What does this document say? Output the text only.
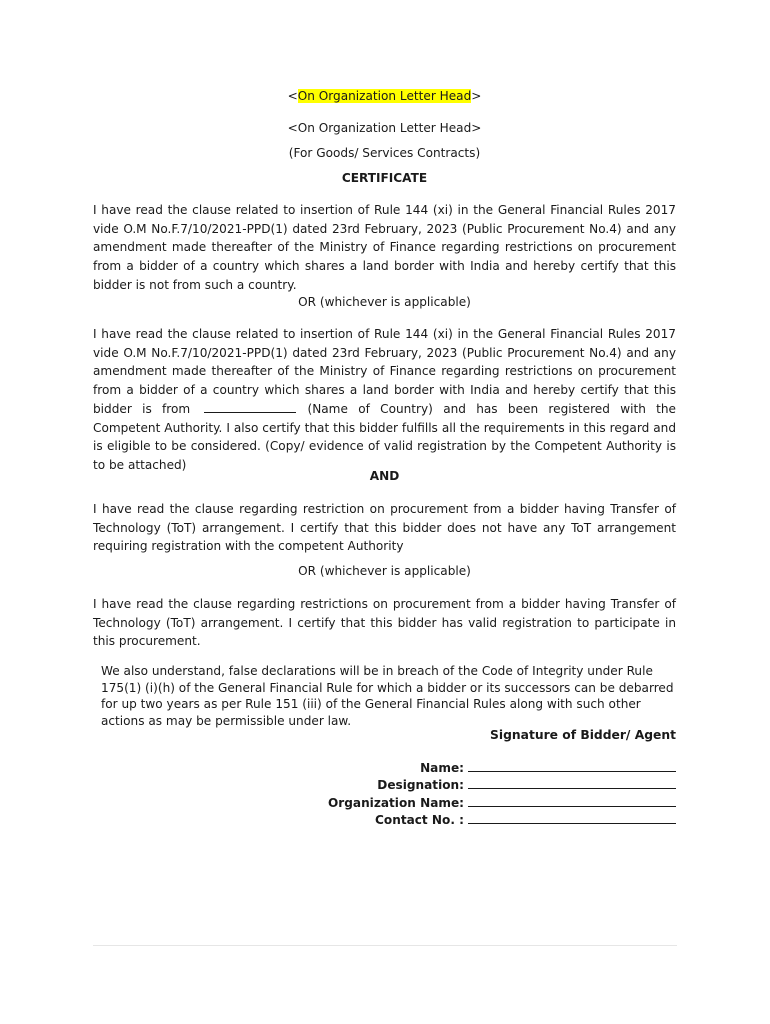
<On Organization Letter Head>
<On Organization Letter Head>
(For Goods/ Services Contracts)
CERTIFICATE
I have read the clause related to insertion of Rule 144 (xi) in the General Financial Rules 2017 vide O.M No.F.7/10/2021-PPD(1) dated 23rd February, 2023 (Public Procurement No.4) and any amendment made thereafter of the Ministry of Finance regarding restrictions on procurement from a bidder of a country which shares a land border with India and hereby certify that this bidder is not from such a country.
OR (whichever is applicable)
I have read the clause related to insertion of Rule 144 (xi) in the General Financial Rules 2017 vide O.M No.F.7/10/2021-PPD(1) dated 23rd February, 2023 (Public Procurement No.4) and any amendment made thereafter of the Ministry of Finance regarding restrictions on procurement from a bidder of a country which shares a land border with India and hereby certify that this bidder is from	(Name of Country) and has been registered with the Competent Authority. I also certify that this bidder fulfills all the requirements in this regard and is eligible to be considered. (Copy/ evidence of valid registration by the Competent Authority is to be attached)
AND
I have read the clause regarding restriction on procurement from a bidder having Transfer of Technology (ToT) arrangement. I certify that this bidder does not have any ToT arrangement requiring registration with the competent Authority
OR (whichever is applicable)
I have read the clause regarding restrictions on procurement from a bidder having Transfer of Technology (ToT) arrangement. I certify that this bidder has valid registration to participate in this procurement.
We also understand, false declarations will be in breach of the Code of Integrity under Rule 175(1) (i)(h) of the General Financial Rule for which a bidder or its successors can be debarred for up two years as per Rule 151 (iii) of the General Financial Rules along with such other actions as may be permissible under law.
Signature of Bidder/ Agent
Name:
Designation:
Organization Name:
Contact No. :
